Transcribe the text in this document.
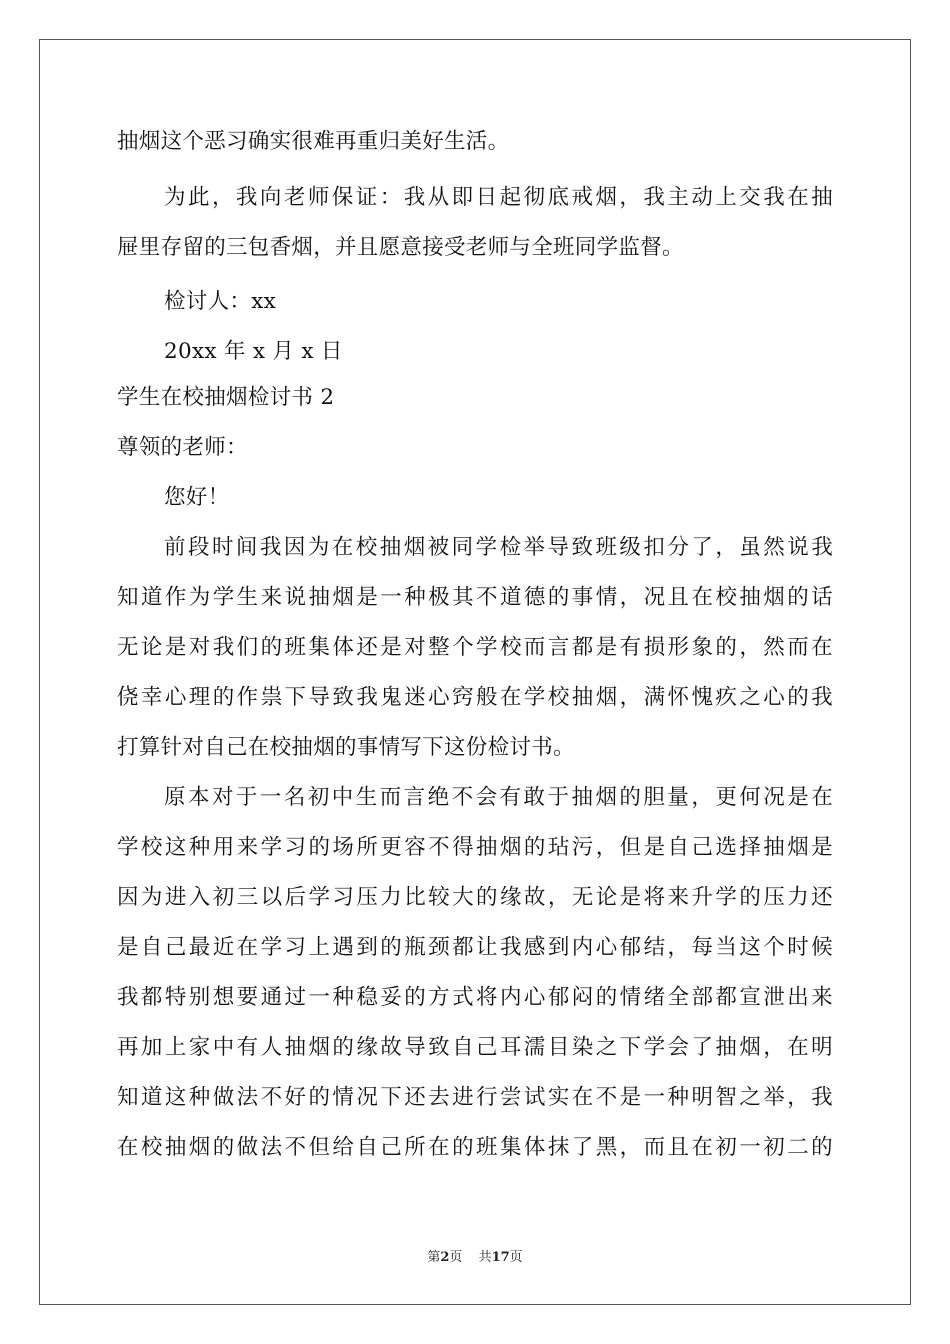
抽烟这个恶习确实很难再重归美好生活。
为此，我向老师保证：我从即日起彻底戒烟，我主动上交我在抽
屉里存留的三包香烟，并且愿意接受老师与全班同学监督。
检讨人：xx
20xx 年 x 月 x 日
学生在校抽烟检讨书 2
尊领的老师：
您好！
前段时间我因为在校抽烟被同学检举导致班级扣分了，虽然说我
知道作为学生来说抽烟是一种极其不道德的事情，况且在校抽烟的话
无论是对我们的班集体还是对整个学校而言都是有损形象的，然而在
侥幸心理的作祟下导致我鬼迷心窍般在学校抽烟，满怀愧疚之心的我
打算针对自己在校抽烟的事情写下这份检讨书。
原本对于一名初中生而言绝不会有敢于抽烟的胆量，更何况是在
学校这种用来学习的场所更容不得抽烟的玷污，但是自己选择抽烟是
因为进入初三以后学习压力比较大的缘故，无论是将来升学的压力还
是自己最近在学习上遇到的瓶颈都让我感到内心郁结，每当这个时候
我都特别想要通过一种稳妥的方式将内心郁闷的情绪全部都宣泄出来
再加上家中有人抽烟的缘故导致自己耳濡目染之下学会了抽烟，在明
知道这种做法不好的情况下还去进行尝试实在不是一种明智之举，我
在校抽烟的做法不但给自己所在的班集体抹了黑，而且在初一初二的
第2页 共17页
